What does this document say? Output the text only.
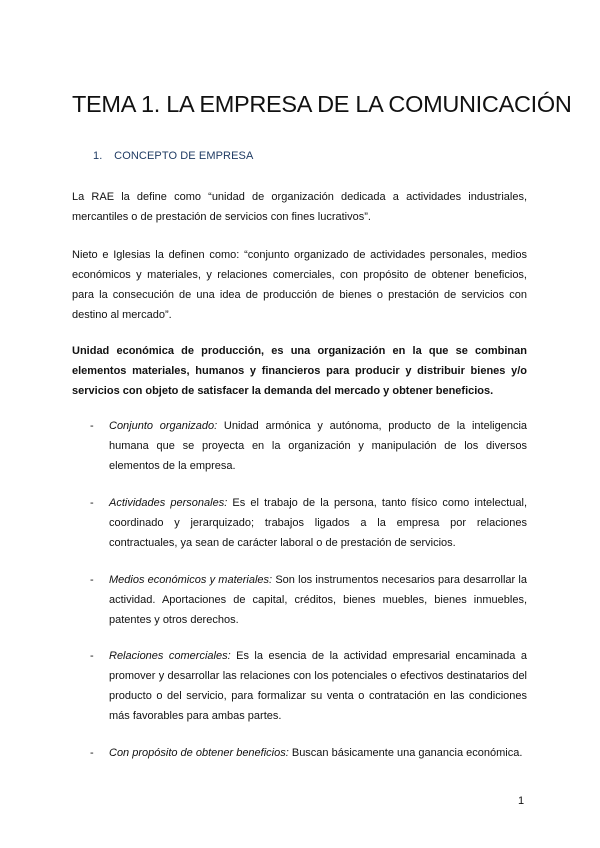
TEMA 1. LA EMPRESA DE LA COMUNICACIÓN
1. CONCEPTO DE EMPRESA

La RAE la define como “unidad de organización dedicada a actividades industriales, mercantiles o de prestación de servicios con fines lucrativos”.

Nieto e Iglesias la definen como: “conjunto organizado de actividades personales, medios económicos y materiales, y relaciones comerciales, con propósito de obtener beneficios, para la consecución de una idea de producción de bienes o prestación de servicios con destino al mercado”.

Unidad económica de producción, es una organización en la que se combinan elementos materiales, humanos y financieros para producir y distribuir bienes y/o servicios con objeto de satisfacer la demanda del mercado y obtener beneficios.

- Conjunto organizado: Unidad armónica y autónoma, producto de la inteligencia humana que se proyecta en la organización y manipulación de los diversos elementos de la empresa.
- Actividades personales: Es el trabajo de la persona, tanto físico como intelectual, coordinado y jerarquizado; trabajos ligados a la empresa por relaciones contractuales, ya sean de carácter laboral o de prestación de servicios.
- Medios económicos y materiales: Son los instrumentos necesarios para desarrollar la actividad. Aportaciones de capital, créditos, bienes muebles, bienes inmuebles, patentes y otros derechos.
- Relaciones comerciales: Es la esencia de la actividad empresarial encaminada a promover y desarrollar las relaciones con los potenciales o efectivos destinatarios del producto o del servicio, para formalizar su venta o contratación en las condiciones más favorables para ambas partes.
- Con propósito de obtener beneficios: Buscan básicamente una ganancia económica.
1
